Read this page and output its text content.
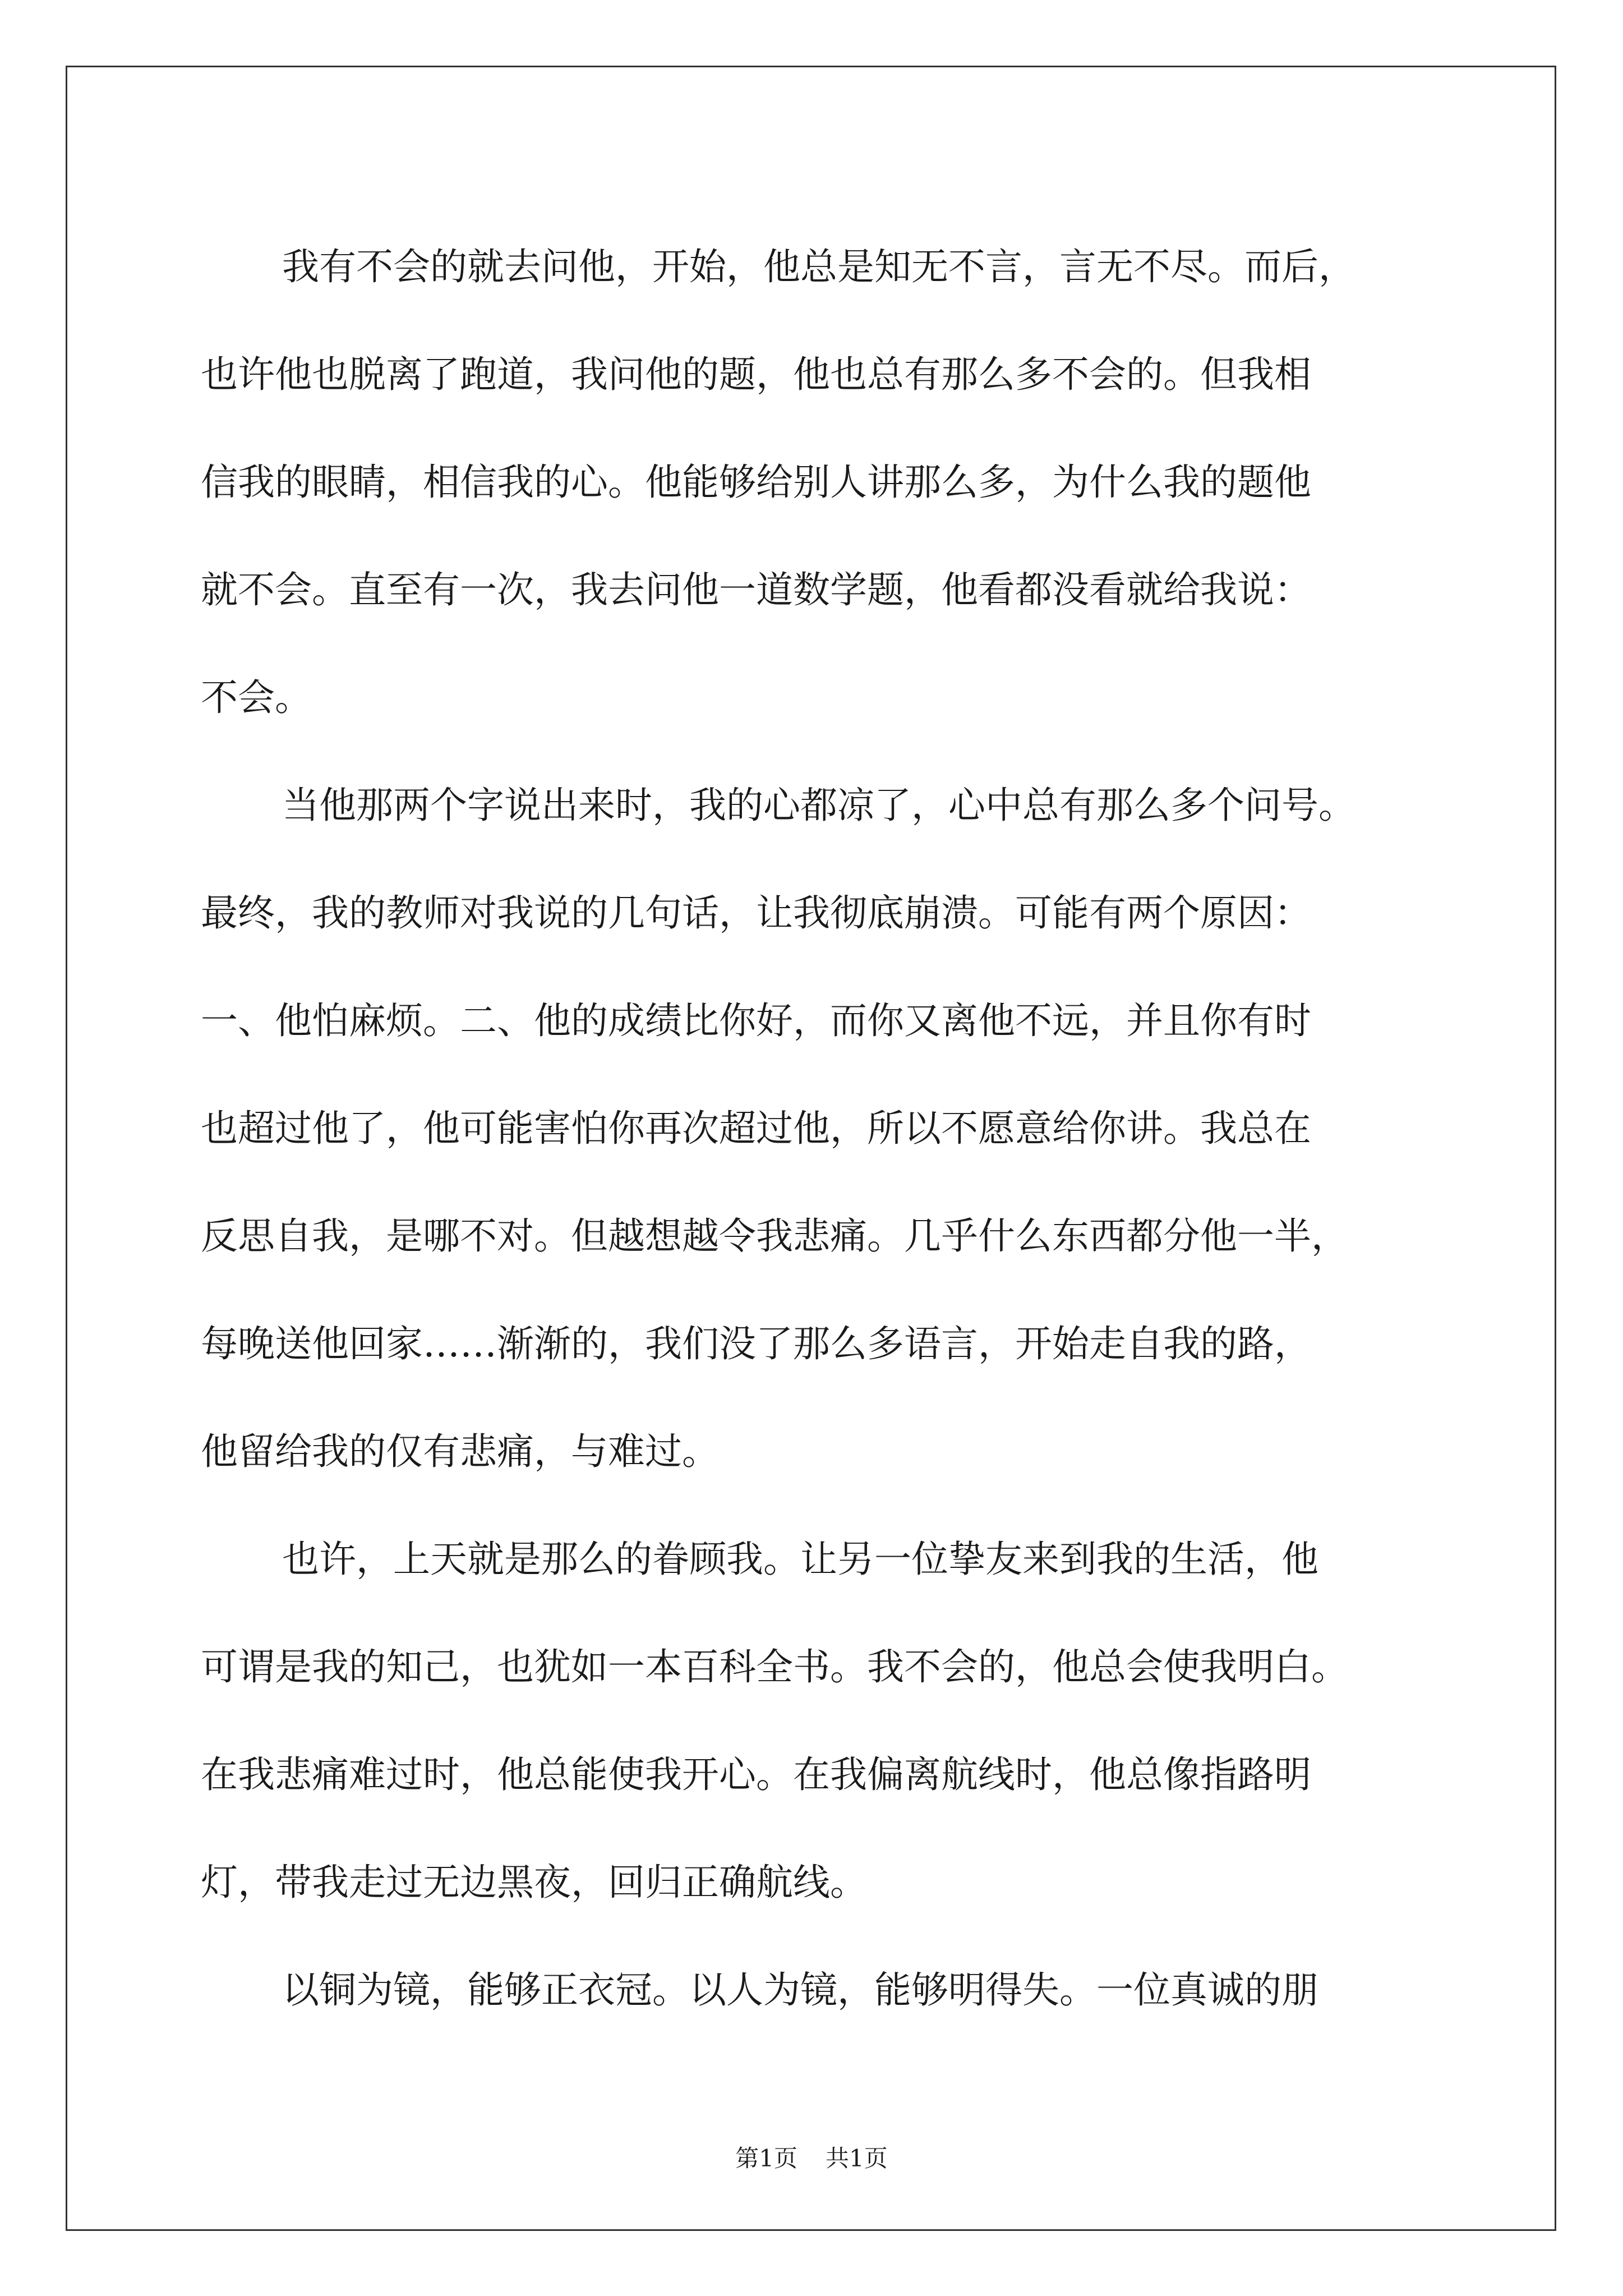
我有不会的就去问他，开始，他总是知无不言，言无不尽。而后，
也许他也脱离了跑道，我问他的题，他也总有那么多不会的。但我相
信我的眼睛，相信我的心。他能够给别人讲那么多，为什么我的题他
就不会。直至有一次，我去问他一道数学题，他看都没看就给我说：
不会。
当他那两个字说出来时，我的心都凉了，心中总有那么多个问号。
最终，我的教师对我说的几句话，让我彻底崩溃。可能有两个原因：
一、他怕麻烦。二、他的成绩比你好，而你又离他不远，并且你有时
也超过他了，他可能害怕你再次超过他，所以不愿意给你讲。我总在
反思自我，是哪不对。但越想越令我悲痛。几乎什么东西都分他一半，
每晚送他回家……渐渐的，我们没了那么多语言，开始走自我的路，
他留给我的仅有悲痛，与难过。
也许，上天就是那么的眷顾我。让另一位挚友来到我的生活，他
可谓是我的知己，也犹如一本百科全书。我不会的，他总会使我明白。
在我悲痛难过时，他总能使我开心。在我偏离航线时，他总像指路明
灯，带我走过无边黑夜，回归正确航线。
以铜为镜，能够正衣冠。以人为镜，能够明得失。一位真诚的朋
第1页 共1页
